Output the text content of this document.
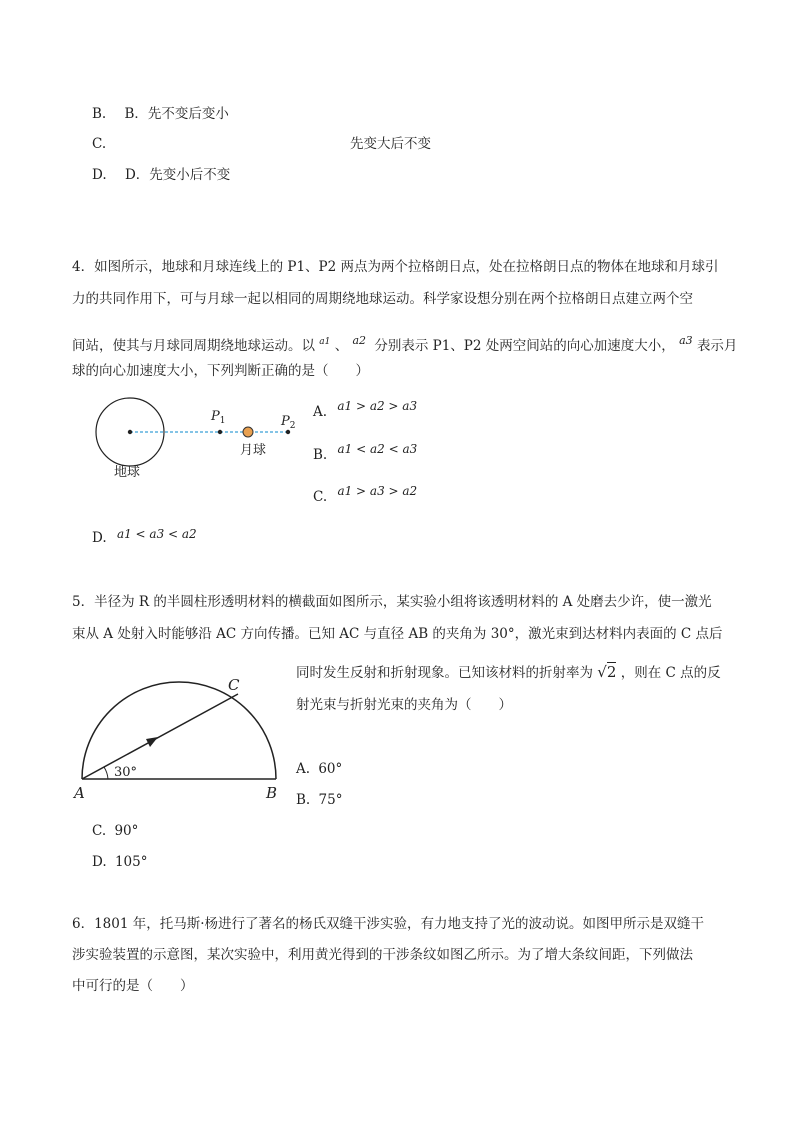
B. B．先不变后变小
C.	先变大后不变
D. D．先变小后不变
4．如图所示，地球和月球连线上的 P1、P2 两点为两个拉格朗日点，处在拉格朗日点的物体在地球和月球引
力的共同作用下，可与月球一起以相同的周期绕地球运动。科学家设想分别在两个拉格朗日点建立两个空
间站，使其与月球同周期绕地球运动。以 $^{a1}$ 、 $^{a2}$ 分别表示 P1、P2 处两空间站的向心加速度大小， $^{a3}$ 表示月
球的向心加速度大小，下列判断正确的是（　　）
地球
月球
$P_1$	$P_2$
A. a1 > a2 > a3
B. a1 < a2 < a3
C. a1 > a3 > a2
D. a1 < a3 < a2
5．半径为 R 的半圆柱形透明材料的横截面如图所示，某实验小组将该透明材料的 A 处磨去少许，使一激光
束从 A 处射入时能够沿 AC 方向传播。已知 AC 与直径 AB 的夹角为 30°，激光束到达材料内表面的 C 点后
同时发生反射和折射现象。已知该材料的折射率为 √2 ，则在 C 点的反
射光束与折射光束的夹角为（　　）
30°
A	B
C
A. 60°
B. 75°
C. 90°
D. 105°
6．1801 年，托马斯·杨进行了著名的杨氏双缝干涉实验，有力地支持了光的波动说。如图甲所示是双缝干
涉实验装置的示意图，某次实验中，利用黄光得到的干涉条纹如图乙所示。为了增大条纹间距，下列做法
中可行的是（　　）
